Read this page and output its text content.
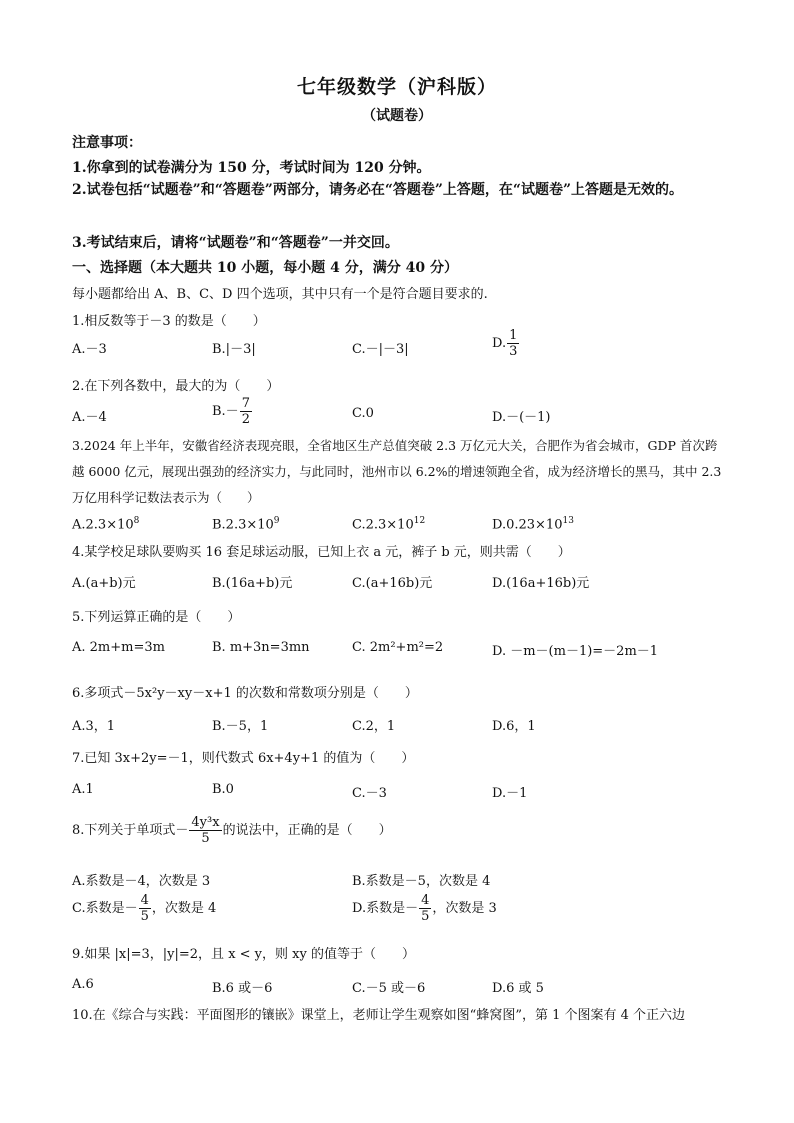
七年级数学（沪科版）
（试题卷）
注意事项：
1.你拿到的试卷满分为 150 分，考试时间为 120 分钟。
2.试卷包括“试题卷”和“答题卷”两部分，请务必在“答题卷”上答题，在“试题卷”上答题是无效的。
3.考试结束后，请将“试题卷”和“答题卷”一并交回。
一、选择题（本大题共 10 小题，每小题 4 分，满分 40 分）
每小题都给出 A、B、C、D 四个选项，其中只有一个是符合题目要求的.
1.相反数等于－3 的数是（　　）
A.－3	B.|－3|	C.－|－3|	D. $\frac{1}{3}$
2.在下列各数中，最大的为（　　）
A.－4	$B.- \frac{7}{2}$	C.0	D.－(－1)
3.2024 年上半年，安徽省经济表现亮眼，全省地区生产总值突破 2.3 万亿元大关，合肥作为省会城市，GDP 首次跨越 6000 亿元，展现出强劲的经济实力，与此同时，池州市以 6.2%的增速领跑全省，成为经济增长的黑马，其中 2.3 万亿用科学记数法表示为（　　）
$A.2.3\times 10^8$	$B.2.3\times 10^9$	$C.2.3\times 10^{12}$	$D.0.23\times 10^{13}$
4.某学校足球队要购买 16 套足球运动服，已知上衣 a 元，裤子 b 元，则共需（　　）
A.(a+b)元	B.(16a+b)元	C.(a+16b)元	D.(16a+16b)元
5.下列运算正确的是（　　）
A. 2m+m=3m	B. m+3n=3mn	C. 2m²+m²=2	D. －m－(m－1)=－2m－1
6.多项式－5x²y－xy－x+1 的次数和常数项分别是（　　）
A.3，1	B.－5，1	C.2，1	D.6，1
7.已知 3x+2y=－1，则代数式 6x+4y+1 的值为（　　）
A.1	B.0	C.－3	D.－1
8.下列关于单项式－ $\frac{\text{4y³x}}{5}$ 的说法中，正确的是（　　）
A.系数是－4，次数是 3	B.系数是－5，次数是 4
C.系数是－ $\frac{4}{5}$ ，次数是 4	D.系数是－ $\frac{4}{5}$ ，次数是 3
9.如果 |x|=3，|y|=2，且 x < y，则 xy 的值等于（　　）
A.6	B.6 或－6	C.－5 或－6	D.6 或 5
10.在《综合与实践：平面图形的镶嵌》课堂上，老师让学生观察如图“蜂窝图”，第 1 个图案有 4 个正六边
